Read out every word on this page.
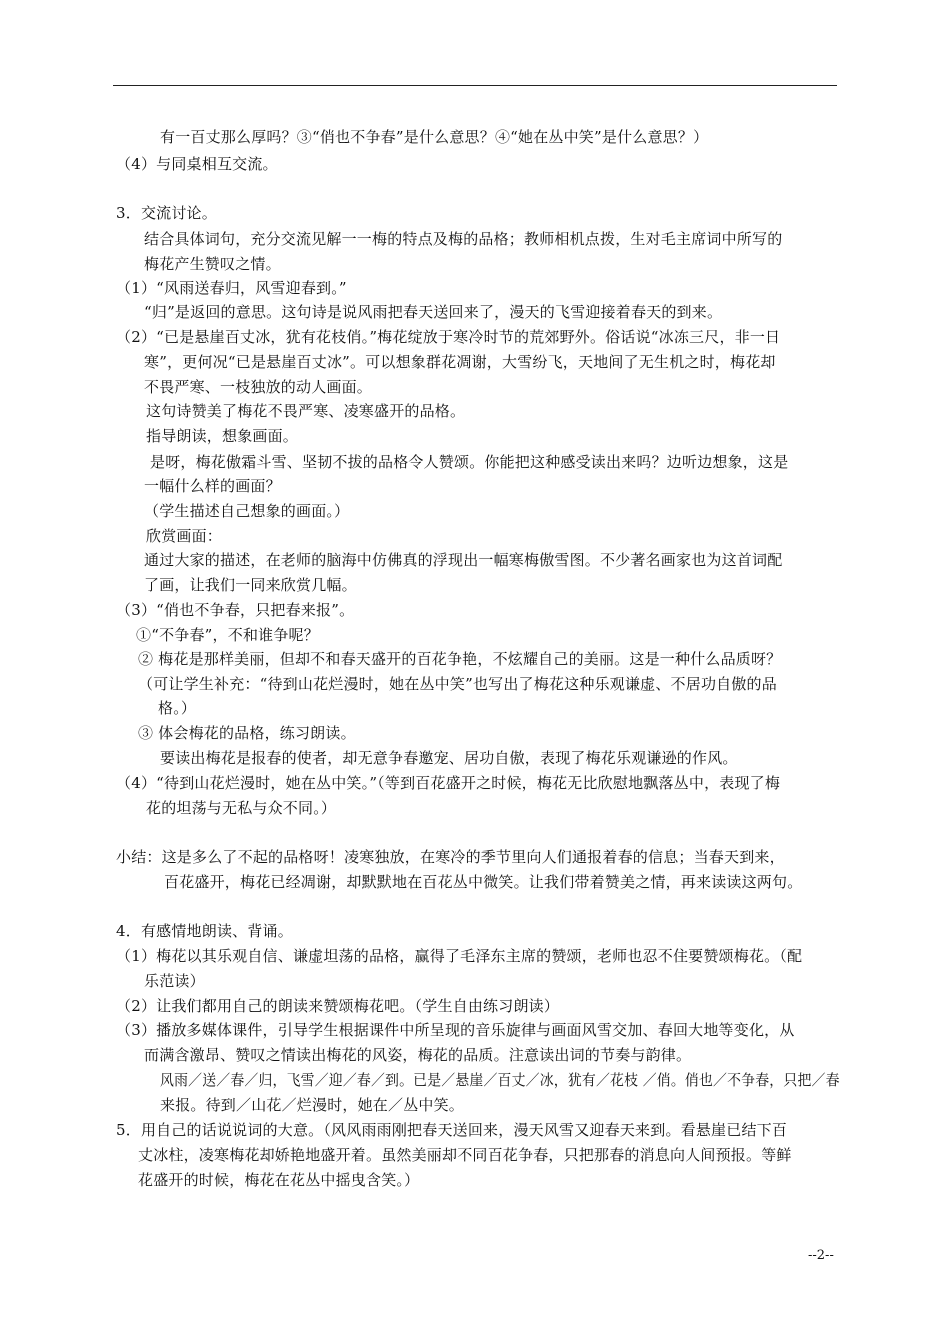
有一百丈那么厚吗？③“俏也不争春”是什么意思？④“她在丛中笑”是什么意思？）
（4）与同桌相互交流。
3．交流讨论。
结合具体词句，充分交流见解一一梅的特点及梅的品格；教师相机点拨，生对毛主席词中所写的
梅花产生赞叹之情。
（1）“风雨送春归，风雪迎春到。”
“归”是返回的意思。这句诗是说风雨把春天送回来了，漫天的飞雪迎接着春天的到来。
（2）“已是悬崖百丈冰，犹有花枝俏。”梅花绽放于寒冷时节的荒郊野外。俗话说“冰冻三尺，非一日
寒”，更何况“已是悬崖百丈冰”。可以想象群花凋谢，大雪纷飞，天地间了无生机之时，梅花却
不畏严寒、一枝独放的动人画面。
这句诗赞美了梅花不畏严寒、凌寒盛开的品格。
指导朗读，想象画面。
是呀，梅花傲霜斗雪、坚韧不拔的品格令人赞颂。你能把这种感受读出来吗？边听边想象，这是
一幅什么样的画面？
（学生描述自己想象的画面。）
欣赏画面：
通过大家的描述，在老师的脑海中仿佛真的浮现出一幅寒梅傲雪图。不少著名画家也为这首词配
了画，让我们一同来欣赏几幅。
（3）“俏也不争春，只把春来报”。
①“不争春”，不和谁争呢？
② 梅花是那样美丽，但却不和春天盛开的百花争艳，不炫耀自己的美丽。这是一种什么品质呀？
（可让学生补充：“待到山花烂漫时，她在丛中笑”也写出了梅花这种乐观谦虚、不居功自傲的品
格。）
③ 体会梅花的品格，练习朗读。
要读出梅花是报春的使者，却无意争春邀宠、居功自傲，表现了梅花乐观谦逊的作风。
（4）“待到山花烂漫时，她在丛中笑。”（等到百花盛开之时候，梅花无比欣慰地飘落丛中，表现了梅
花的坦荡与无私与众不同。）
小结：这是多么了不起的品格呀！凌寒独放，在寒冷的季节里向人们通报着春的信息；当春天到来，
百花盛开，梅花已经凋谢，却默默地在百花丛中微笑。让我们带着赞美之情，再来读读这两句。
4．有感情地朗读、背诵。
（1）梅花以其乐观自信、谦虚坦荡的品格，赢得了毛泽东主席的赞颂，老师也忍不住要赞颂梅花。（配
乐范读）
（2）让我们都用自己的朗读来赞颂梅花吧。（学生自由练习朗读）
（3）播放多媒体课件，引导学生根据课件中所呈现的音乐旋律与画面风雪交加、春回大地等变化，从
而满含激昂、赞叹之情读出梅花的风姿，梅花的品质。注意读出词的节奏与韵律。
风雨／送／春／归，飞雪／迎／春／到。已是／悬崖／百丈／冰，犹有／花枝 ／俏。俏也／不争春，只把／春
来报。待到／山花／烂漫时，她在／丛中笑。
5．用自己的话说说词的大意。（风风雨雨刚把春天送回来，漫天风雪又迎春天来到。看悬崖已结下百
丈冰柱，凌寒梅花却娇艳地盛开着。虽然美丽却不同百花争春，只把那春的消息向人间预报。等鲜
花盛开的时候，梅花在花丛中摇曳含笑。）
--2--
